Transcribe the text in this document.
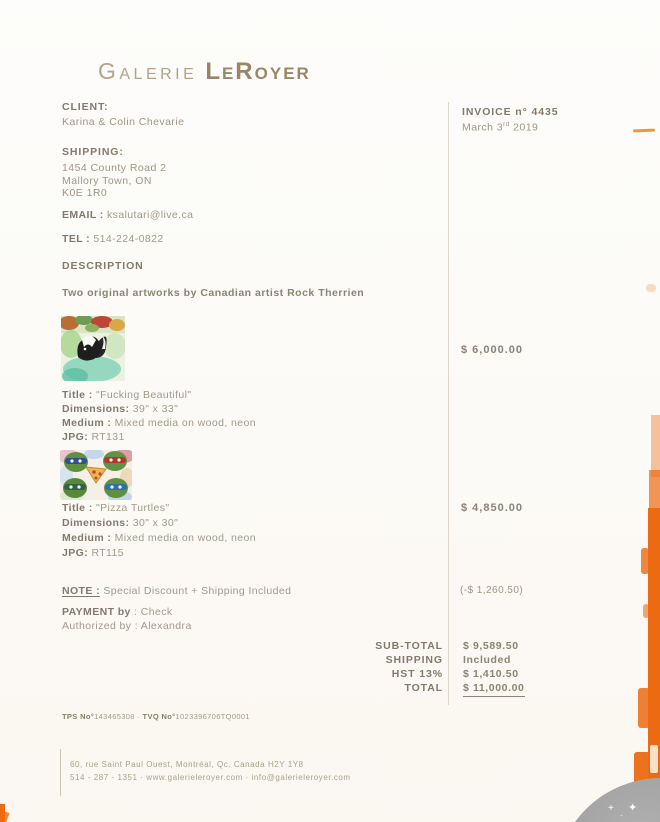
Galerie LeRoyer
CLIENT:
Karina & Colin Chevarie
INVOICE n° 4435
March 3rd 2019
SHIPPING:
1454 County Road 2
Mallory Town, ON
K0E 1R0
EMAIL : ksalutari@live.ca
TEL : 514-224-0822
DESCRIPTION
Two original artworks by Canadian artist Rock Therrien
$ 6,000.00
Title : "Fucking Beautiful"
Dimensions: 39" x 33"
Medium : Mixed media on wood, neon
JPG: RT131
$ 4,850.00
Title : "Pizza Turtles"
Dimensions: 30" x 30"
Medium : Mixed media on wood, neon
JPG: RT115
NOTE : Special Discount + Shipping Included	(-$ 1,260.50)
PAYMENT by : Check
Authorized by : Alexandra
SUB-TOTAL $ 9,589.50
SHIPPING Included
HST 13% $ 1,410.50
TOTAL $ 11,000.00
TPS No°143465308 · TVQ No°1023396706TQ0001
60, rue Saint Paul Ouest, Montréal, Qc. Canada H2Y 1Y8
514 - 287 - 1351 · www.galerieleroyer.com · info@galerieleroyer.com
+
·
✦
